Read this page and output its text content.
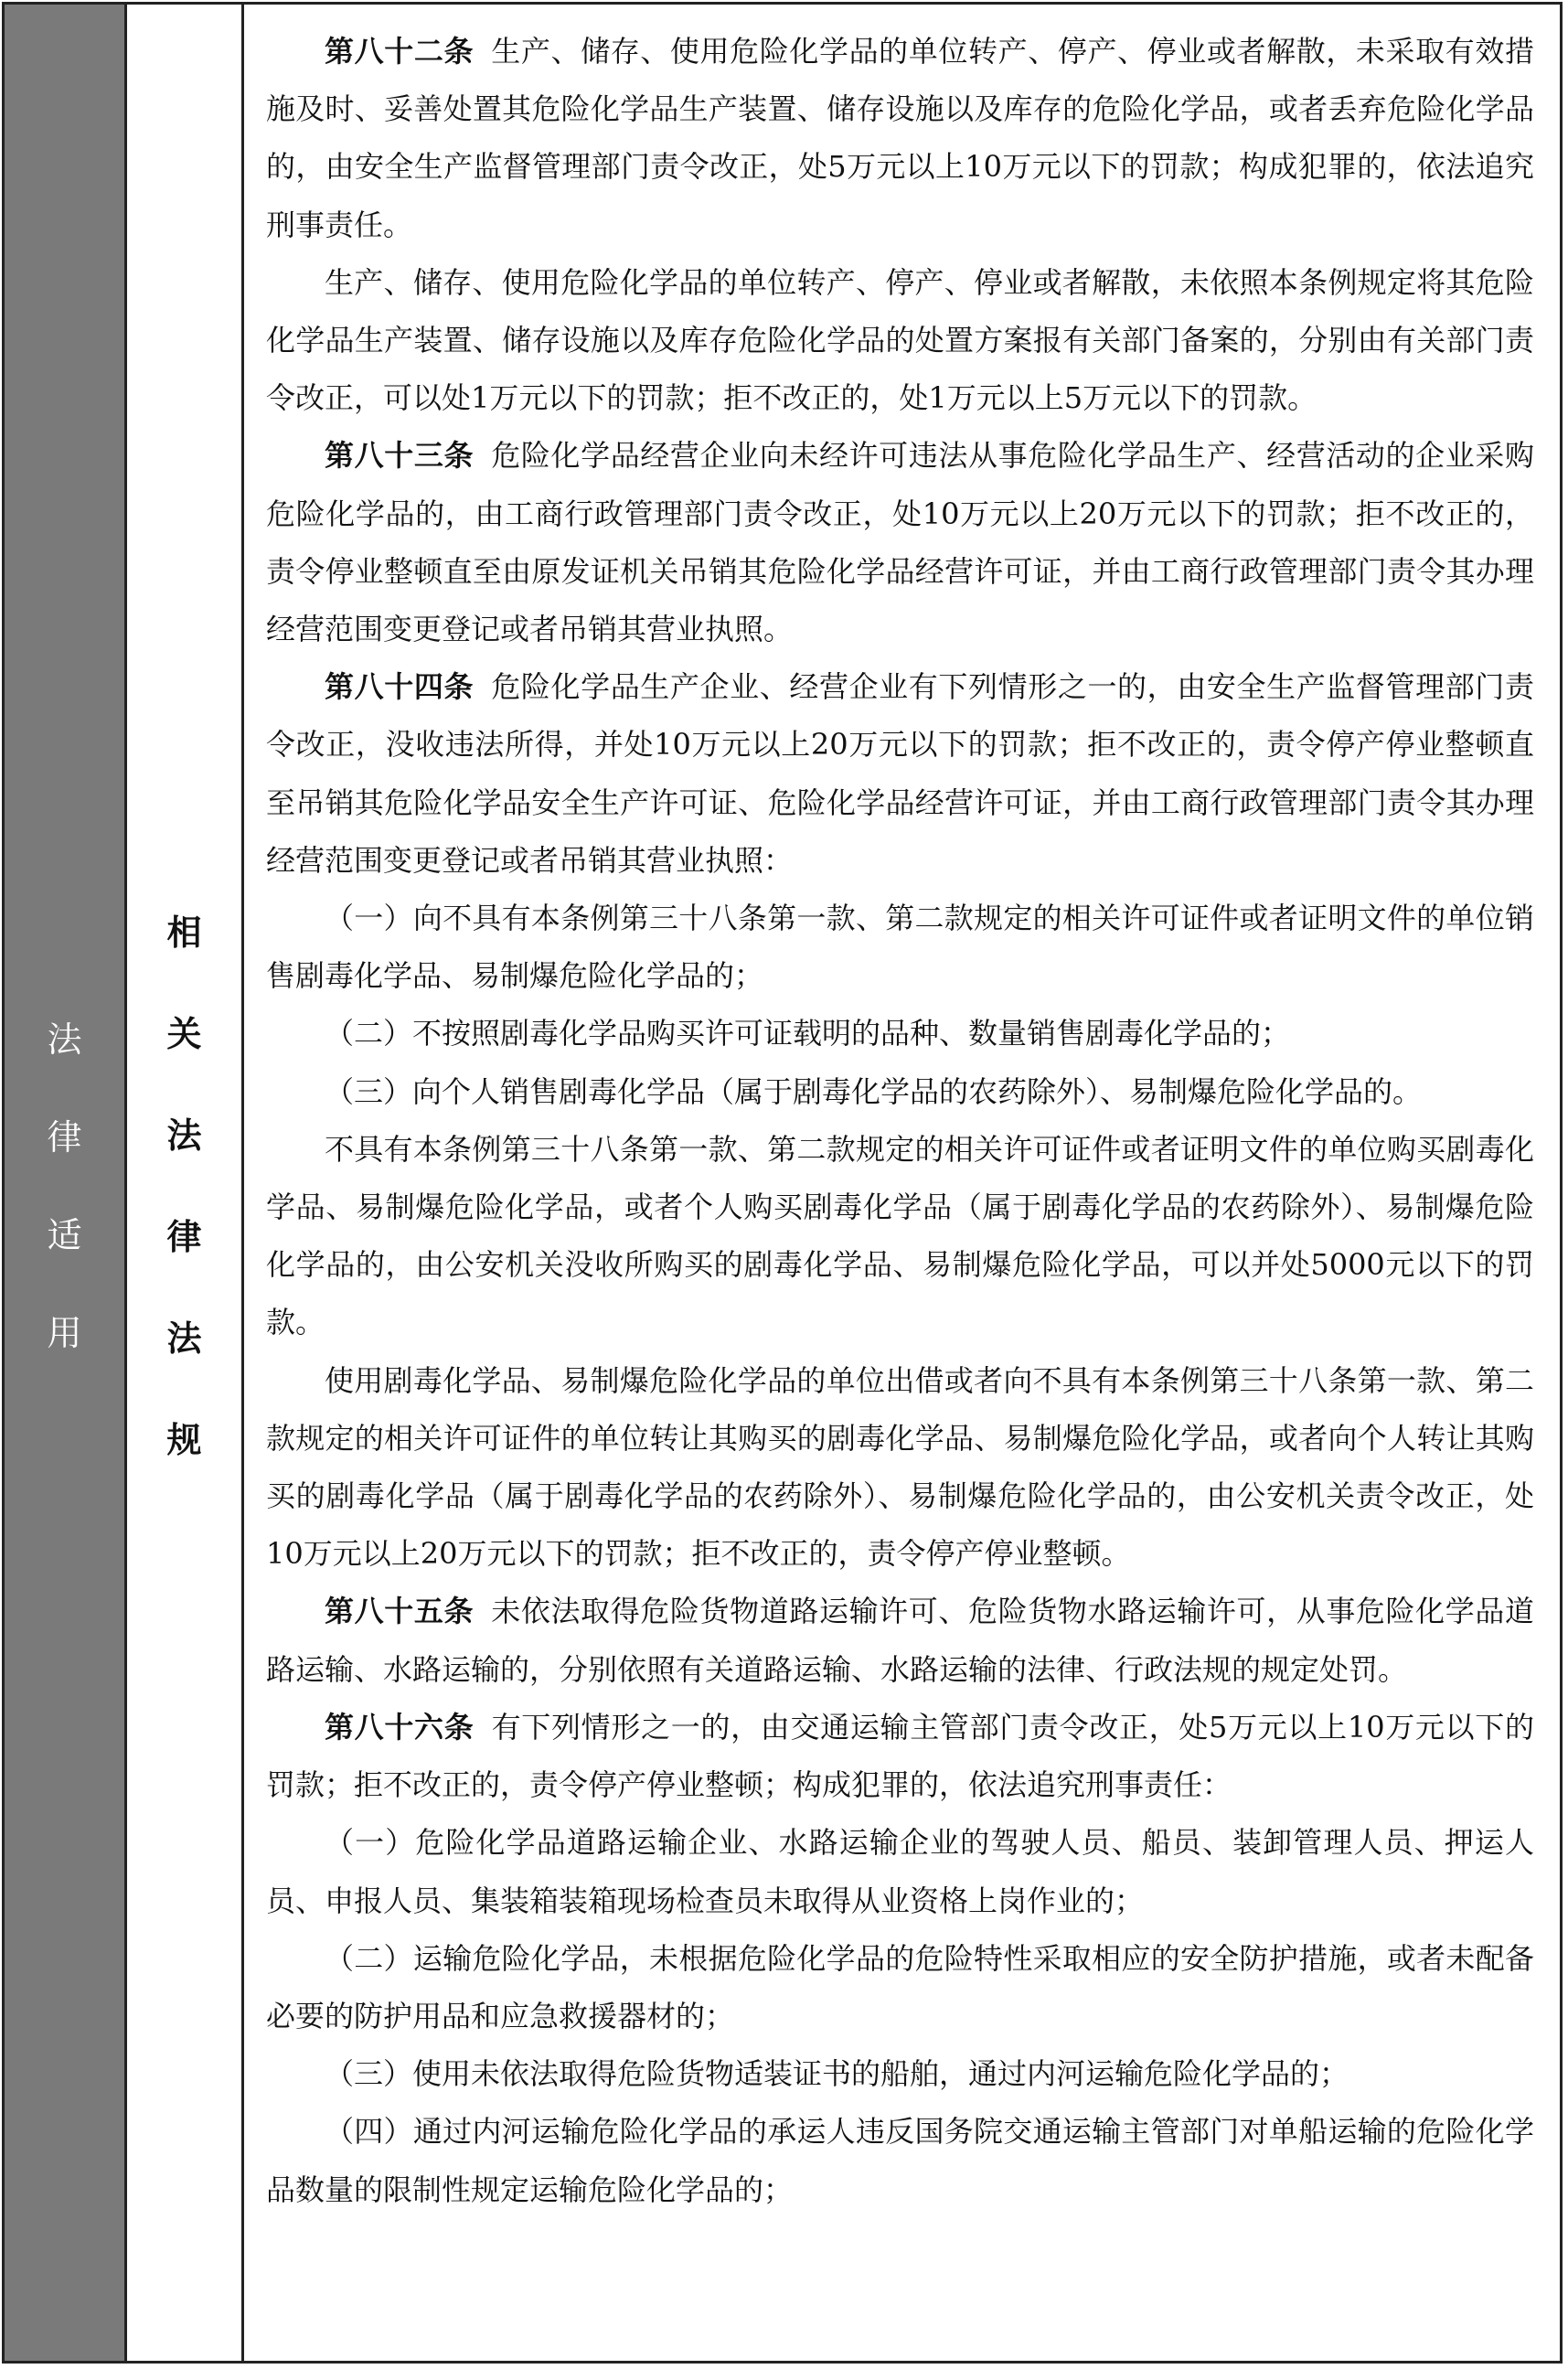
法
律
适
用
相
关
法
律
法
规

第八十二条 生产、储存、使用危险化学品的单位转产、停产、停业或者解散，未采取有效措施及时、妥善处置其危险化学品生产装置、储存设施以及库存的危险化学品，或者丢弃危险化学品的，由安全生产监督管理部门责令改正，处5万元以上10万元以下的罚款；构成犯罪的，依法追究刑事责任。

生产、储存、使用危险化学品的单位转产、停产、停业或者解散，未依照本条例规定将其危险化学品生产装置、储存设施以及库存危险化学品的处置方案报有关部门备案的，分别由有关部门责令改正，可以处1万元以下的罚款；拒不改正的，处1万元以上5万元以下的罚款。

第八十三条 危险化学品经营企业向未经许可违法从事危险化学品生产、经营活动的企业采购危险化学品的，由工商行政管理部门责令改正，处10万元以上20万元以下的罚款；拒不改正的，责令停业整顿直至由原发证机关吊销其危险化学品经营许可证，并由工商行政管理部门责令其办理经营范围变更登记或者吊销其营业执照。

第八十四条 危险化学品生产企业、经营企业有下列情形之一的，由安全生产监督管理部门责令改正，没收违法所得，并处10万元以上20万元以下的罚款；拒不改正的，责令停产停业整顿直至吊销其危险化学品安全生产许可证、危险化学品经营许可证，并由工商行政管理部门责令其办理经营范围变更登记或者吊销其营业执照：

（一）向不具有本条例第三十八条第一款、第二款规定的相关许可证件或者证明文件的单位销售剧毒化学品、易制爆危险化学品的；

（二）不按照剧毒化学品购买许可证载明的品种、数量销售剧毒化学品的；

（三）向个人销售剧毒化学品（属于剧毒化学品的农药除外）、易制爆危险化学品的。

不具有本条例第三十八条第一款、第二款规定的相关许可证件或者证明文件的单位购买剧毒化学品、易制爆危险化学品，或者个人购买剧毒化学品（属于剧毒化学品的农药除外）、易制爆危险化学品的，由公安机关没收所购买的剧毒化学品、易制爆危险化学品，可以并处5000元以下的罚款。

使用剧毒化学品、易制爆危险化学品的单位出借或者向不具有本条例第三十八条第一款、第二款规定的相关许可证件的单位转让其购买的剧毒化学品、易制爆危险化学品，或者向个人转让其购买的剧毒化学品（属于剧毒化学品的农药除外）、易制爆危险化学品的，由公安机关责令改正，处10万元以上20万元以下的罚款；拒不改正的，责令停产停业整顿。

第八十五条 未依法取得危险货物道路运输许可、危险货物水路运输许可，从事危险化学品道路运输、水路运输的，分别依照有关道路运输、水路运输的法律、行政法规的规定处罚。

第八十六条 有下列情形之一的，由交通运输主管部门责令改正，处5万元以上10万元以下的罚款；拒不改正的，责令停产停业整顿；构成犯罪的，依法追究刑事责任：

（一）危险化学品道路运输企业、水路运输企业的驾驶人员、船员、装卸管理人员、押运人员、申报人员、集装箱装箱现场检查员未取得从业资格上岗作业的；

（二）运输危险化学品，未根据危险化学品的危险特性采取相应的安全防护措施，或者未配备必要的防护用品和应急救援器材的；

（三）使用未依法取得危险货物适装证书的船舶，通过内河运输危险化学品的；

（四）通过内河运输危险化学品的承运人违反国务院交通运输主管部门对单船运输的危险化学品数量的限制性规定运输危险化学品的；
